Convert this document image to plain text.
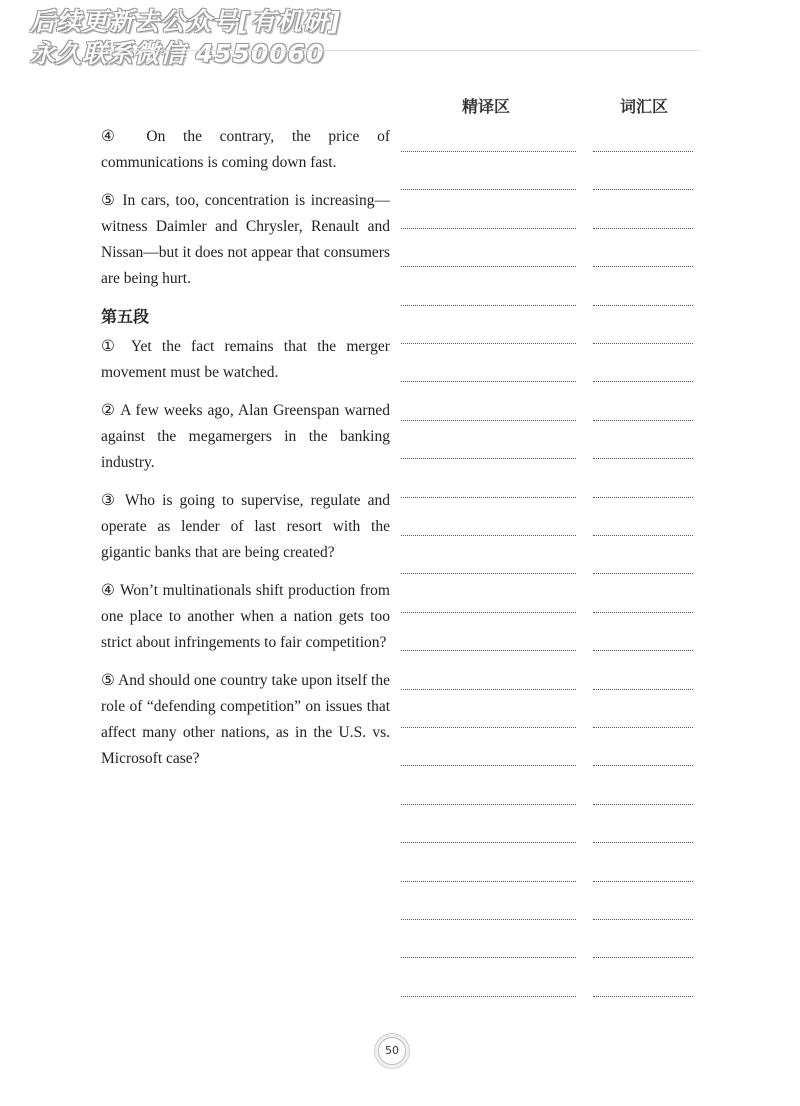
后续更新去公众号[有机研]
永久联系微信 4550060
精译区	词汇区

④ On the contrary, the price of communications is coming down fast.

⑤ In cars, too, concentration is increasing—witness Daimler and Chrysler, Renault and Nissan—but it does not appear that consumers are being hurt.

第五段

① Yet the fact remains that the merger movement must be watched.

② A few weeks ago, Alan Greenspan warned against the megamergers in the banking industry.

③ Who is going to supervise, regulate and operate as lender of last resort with the gigantic banks that are being created?

④ Won’t multinationals shift production from one place to another when a nation gets too strict about infringements to fair competition?

⑤ And should one country take upon itself the role of “defending competition” on issues that affect many other nations, as in the U.S. vs. Microsoft case?

50
